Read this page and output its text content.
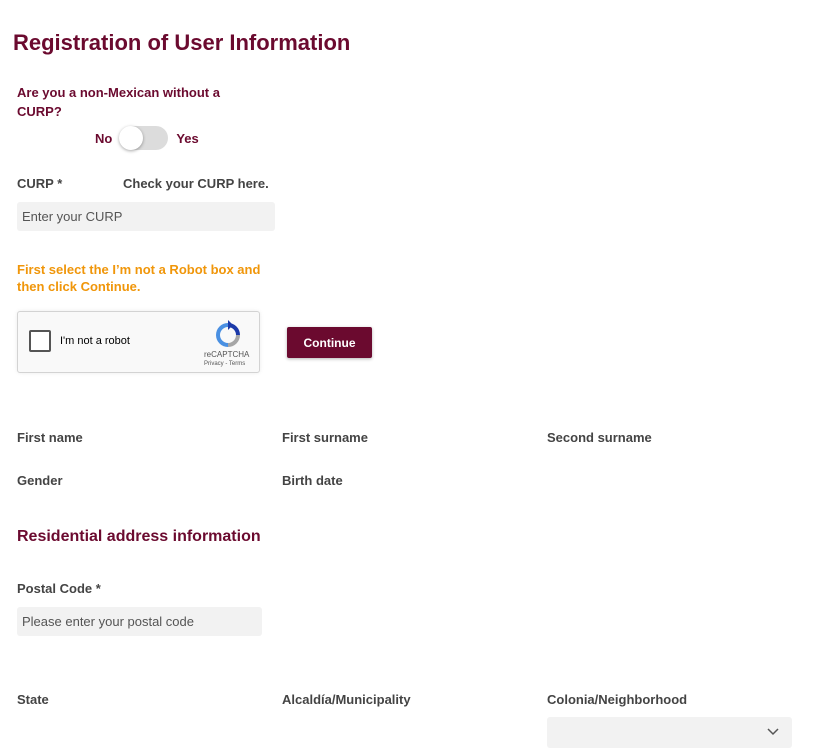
Registration of User Information
Are you a non-Mexican without a CURP?
No	Yes
CURP *	Check your CURP here.
Enter your CURP
First select the I’m not a Robot box and then click Continue.
I'm not a robot
reCAPTCHA
Privacy - Terms
Continue
First name	First surname	Second surname
Gender	Birth date
Residential address information
Postal Code *
Please enter your postal code
State	Alcaldía/Municipality	Colonia/Neighborhood
